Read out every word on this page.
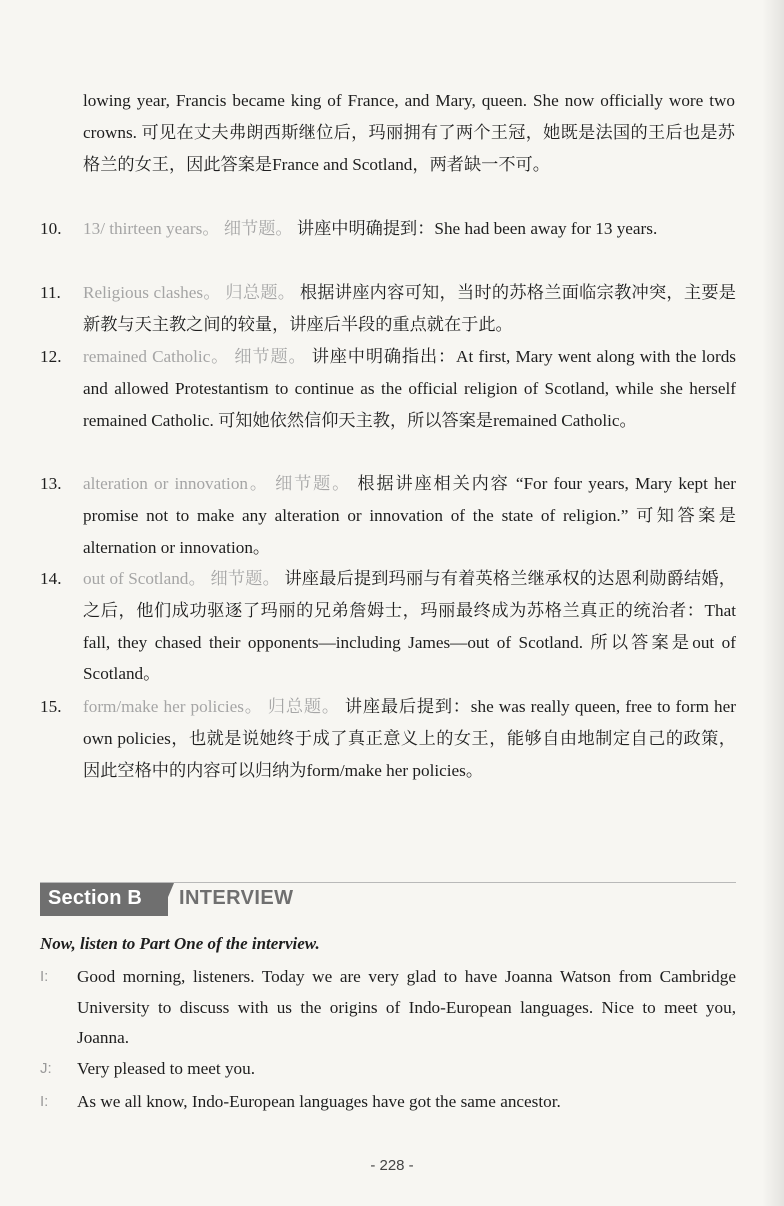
lowing year, Francis became king of France, and Mary, queen. She now officially wore two crowns. 可见在丈夫弗朗西斯继位后，玛丽拥有了两个王冠，她既是法国的王后也是苏格兰的女王，因此答案是France and Scotland，两者缺一不可。
10.	13/ thirteen years。 细节题。 讲座中明确提到：She had been away for 13 years.
11.	Religious clashes。 归总题。 根据讲座内容可知，当时的苏格兰面临宗教冲突，主要是新教与天主教之间的较量，讲座后半段的重点就在于此。
12.	remained Catholic。 细节题。 讲座中明确指出：At first, Mary went along with the lords and allowed Protestantism to continue as the official religion of Scotland, while she herself remained Catholic. 可知她依然信仰天主教，所以答案是remained Catholic。
13.	alteration or innovation。 细节题。 根据讲座相关内容 “For four years, Mary kept her promise not to make any alteration or innovation of the state of religion.” 可知答案是alternation or innovation。
14.	out of Scotland。 细节题。 讲座最后提到玛丽与有着英格兰继承权的达恩利勋爵结婚，之后，他们成功驱逐了玛丽的兄弟詹姆士，玛丽最终成为苏格兰真正的统治者：That fall, they chased their opponents—including James—out of Scotland. 所以答案是out of Scotland。
15.	form/make her policies。 归总题。 讲座最后提到：she was really queen, free to form her own policies，也就是说她终于成了真正意义上的女王，能够自由地制定自己的政策，因此空格中的内容可以归纳为form/make her policies。
Section B INTERVIEW
Now, listen to Part One of the interview.
I:	Good morning, listeners. Today we are very glad to have Joanna Watson from Cambridge University to discuss with us the origins of Indo-European languages. Nice to meet you, Joanna.
J:	Very pleased to meet you.
I:	As we all know, Indo-European languages have got the same ancestor.
- 228 -
